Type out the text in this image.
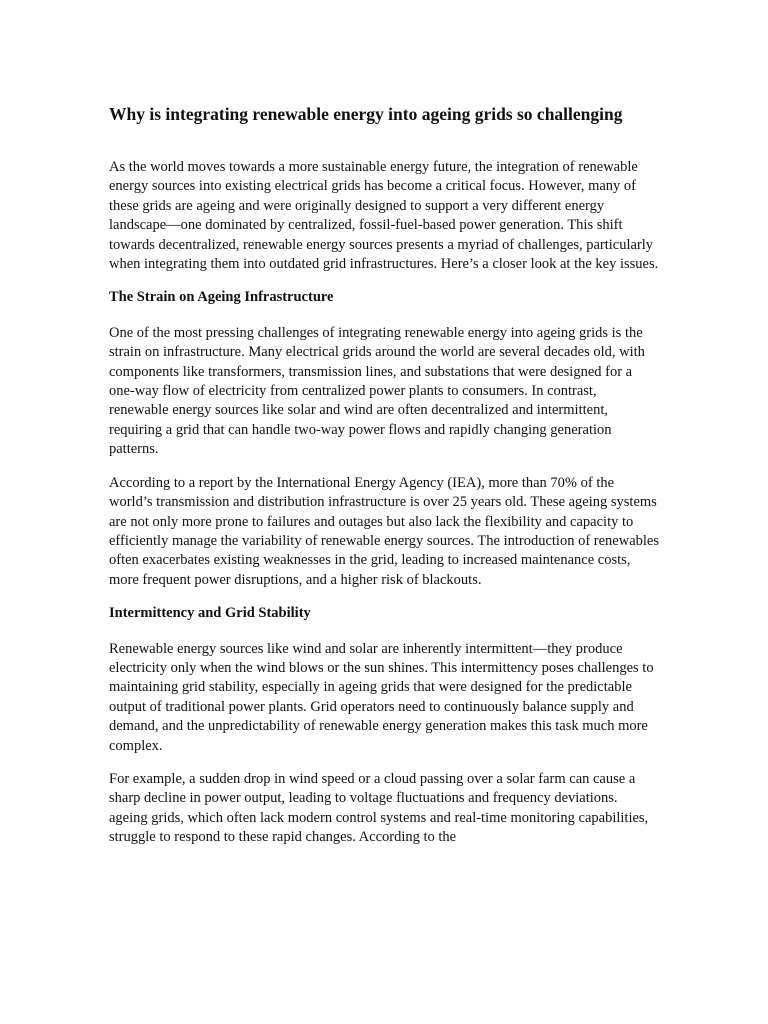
Why is integrating renewable energy into ageing grids so challenging

As the world moves towards a more sustainable energy future, the integration of renewable energy sources into existing electrical grids has become a critical focus. However, many of these grids are ageing and were originally designed to support a very different energy landscape—one dominated by centralized, fossil-fuel-based power generation. This shift towards decentralized, renewable energy sources presents a myriad of challenges, particularly when integrating them into outdated grid infrastructures. Here’s a closer look at the key issues.

The Strain on Ageing Infrastructure

One of the most pressing challenges of integrating renewable energy into ageing grids is the strain on infrastructure. Many electrical grids around the world are several decades old, with components like transformers, transmission lines, and substations that were designed for a one-way flow of electricity from centralized power plants to consumers. In contrast, renewable energy sources like solar and wind are often decentralized and intermittent, requiring a grid that can handle two-way power flows and rapidly changing generation patterns.

According to a report by the International Energy Agency (IEA), more than 70% of the world’s transmission and distribution infrastructure is over 25 years old. These ageing systems are not only more prone to failures and outages but also lack the flexibility and capacity to efficiently manage the variability of renewable energy sources. The introduction of renewables often exacerbates existing weaknesses in the grid, leading to increased maintenance costs, more frequent power disruptions, and a higher risk of blackouts.

Intermittency and Grid Stability

Renewable energy sources like wind and solar are inherently intermittent—they produce electricity only when the wind blows or the sun shines. This intermittency poses challenges to maintaining grid stability, especially in ageing grids that were designed for the predictable output of traditional power plants. Grid operators need to continuously balance supply and demand, and the unpredictability of renewable energy generation makes this task much more complex.

For example, a sudden drop in wind speed or a cloud passing over a solar farm can cause a sharp decline in power output, leading to voltage fluctuations and frequency deviations. ageing grids, which often lack modern control systems and real-time monitoring capabilities, struggle to respond to these rapid changes. According to the
